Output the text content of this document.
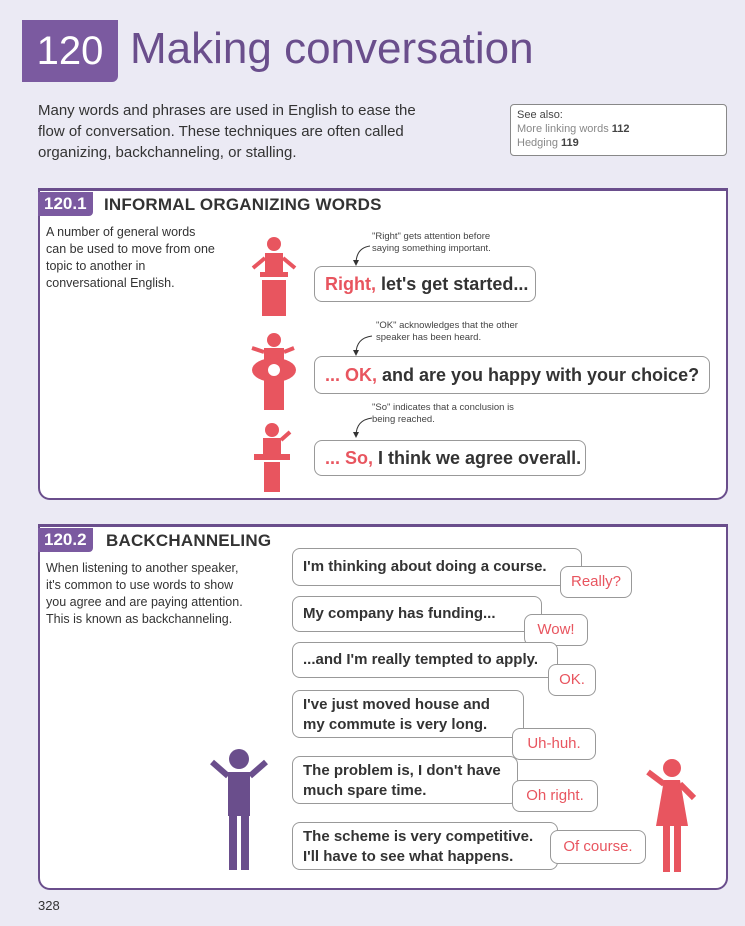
120 Making conversation
Many words and phrases are used in English to ease the flow of conversation. These techniques are often called organizing, backchanneling, or stalling.
See also:
More linking words 112
Hedging 119
120.1	INFORMAL ORGANIZING WORDS
A number of general words can be used to move from one topic to another in conversational English.
"Right" gets attention before saying something important.
Right, let's get started...
"OK" acknowledges that the other speaker has been heard.
... OK, and are you happy with your choice?
"So" indicates that a conclusion is being reached.
... So, I think we agree overall.
120.2	BACKCHANNELING
When listening to another speaker, it's common to use words to show you agree and are paying attention. This is known as backchanneling.
I'm thinking about doing a course.
Really?
My company has funding...
Wow!
...and I'm really tempted to apply.
OK.
I've just moved house and
my commute is very long.
Uh-huh.
The problem is, I don't have
much spare time.	Oh right.
The scheme is very competitive.
I'll have to see what happens.
Of course.
328
